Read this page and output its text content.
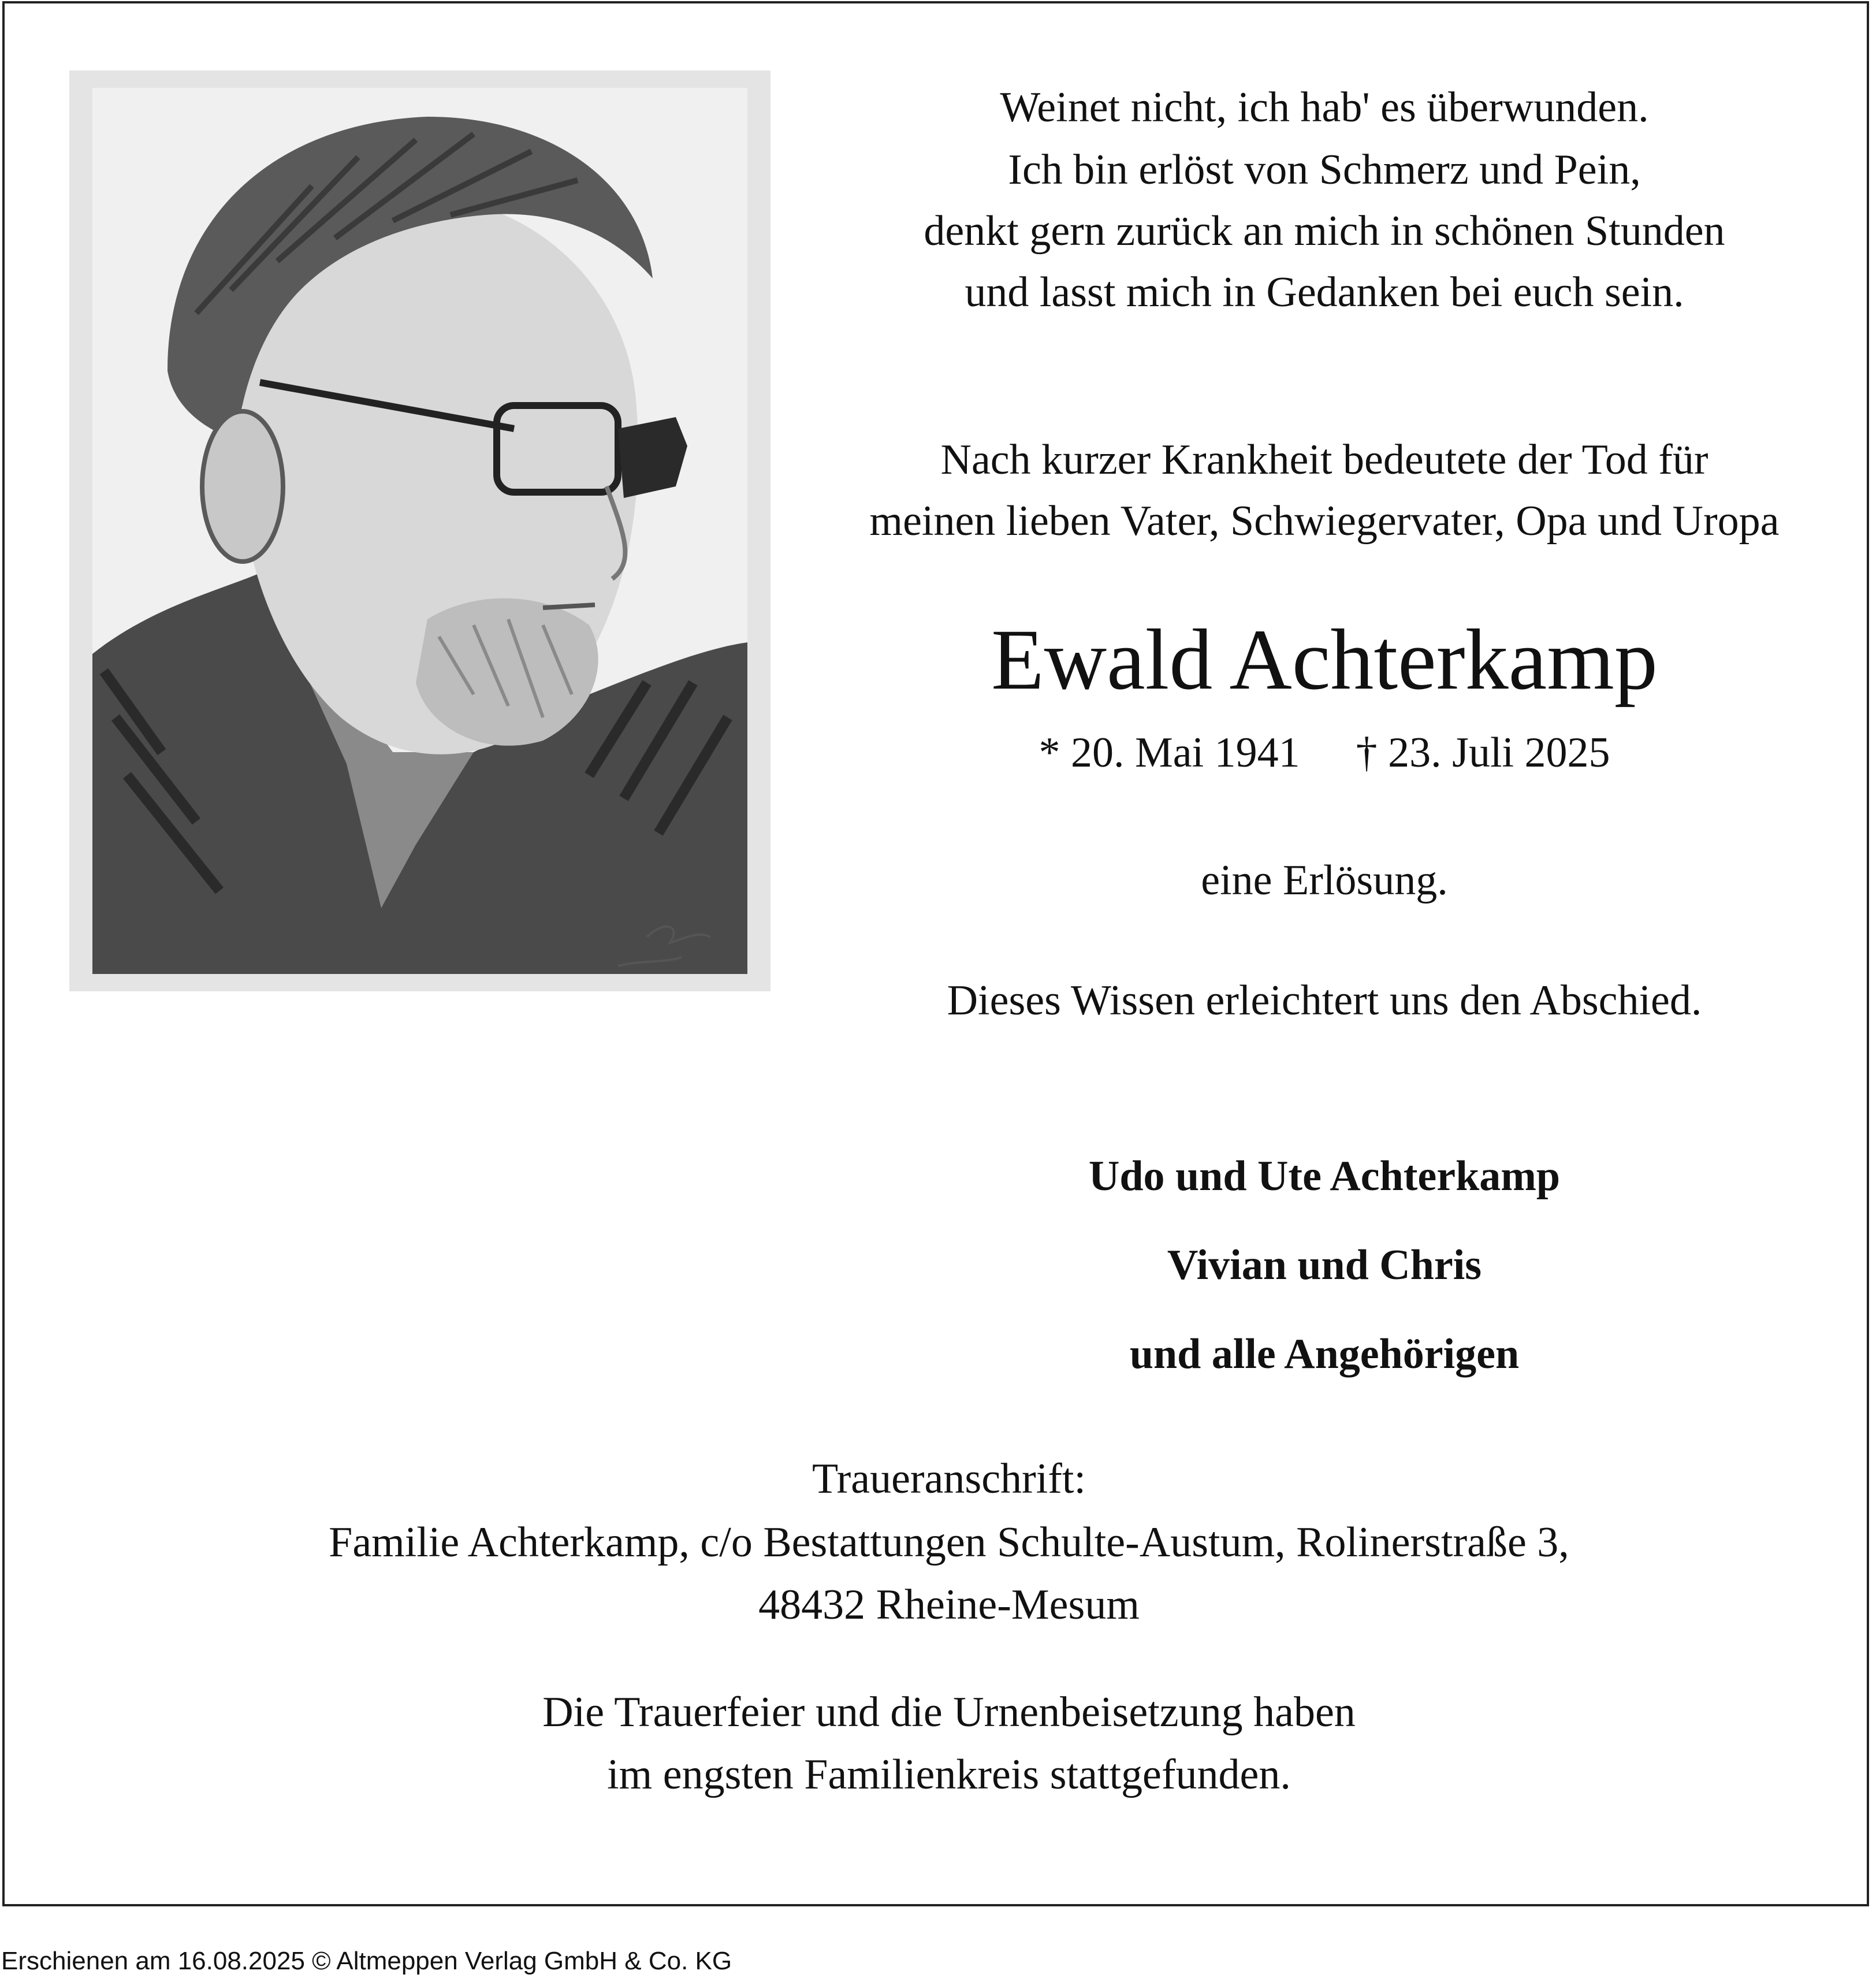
Weinet nicht, ich hab' es überwunden.
Ich bin erlöst von Schmerz und Pein,
denkt gern zurück an mich in schönen Stunden
und lasst mich in Gedanken bei euch sein.
Nach kurzer Krankheit bedeutete der Tod für
meinen lieben Vater, Schwiegervater, Opa und Uropa
Ewald Achterkamp
* 20. Mai 1941 † 23. Juli 2025
eine Erlösung.
Dieses Wissen erleichtert uns den Abschied.
Udo und Ute Achterkamp
Vivian und Chris
und alle Angehörigen
Traueranschrift:
Familie Achterkamp, c/o Bestattungen Schulte-Austum, Rolinerstraße 3,
48432 Rheine-Mesum
Die Trauerfeier und die Urnenbeisetzung haben
im engsten Familienkreis stattgefunden.
Erschienen am 16.08.2025 © Altmeppen Verlag GmbH & Co. KG
